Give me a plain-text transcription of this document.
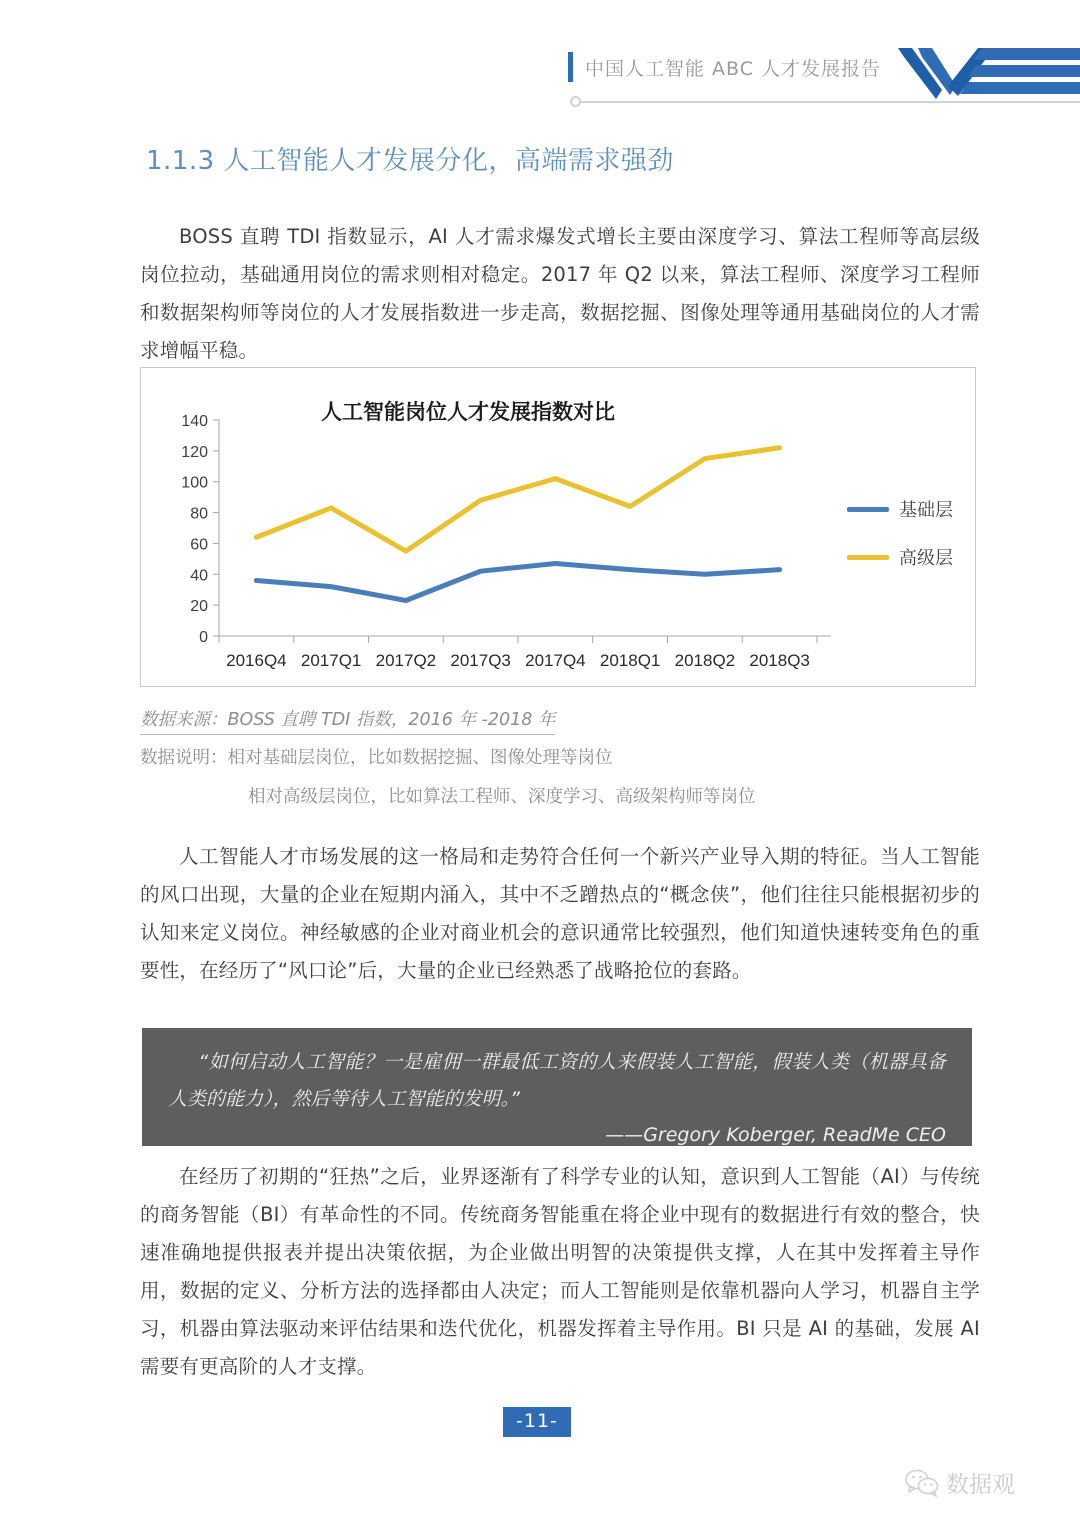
中国人工智能 ABC 人才发展报告
1.1.3 人工智能人才发展分化，高端需求强劲
BOSS 直聘 TDI 指数显示，AI 人才需求爆发式增长主要由深度学习、算法工程师等高层级岗位拉动，基础通用岗位的需求则相对稳定。2017 年 Q2 以来，算法工程师、深度学习工程师和数据架构师等岗位的人才发展指数进一步走高，数据挖掘、图像处理等通用基础岗位的人才需求增幅平稳。
人工智能岗位人才发展指数对比
0
20
40
60
80
100
120
140
2016Q4 2017Q1 2017Q2 2017Q3 2017Q4 2018Q1 2018Q2 2018Q3
基础层
高级层
数据来源：BOSS 直聘 TDI 指数，2016 年 -2018 年
数据说明：相对基础层岗位，比如数据挖掘、图像处理等岗位
相对高级层岗位，比如算法工程师、深度学习、高级架构师等岗位
人工智能人才市场发展的这一格局和走势符合任何一个新兴产业导入期的特征。当人工智能的风口出现，大量的企业在短期内涌入，其中不乏蹭热点的“概念侠”，他们往往只能根据初步的认知来定义岗位。神经敏感的企业对商业机会的意识通常比较强烈，他们知道快速转变角色的重要性，在经历了“风口论”后，大量的企业已经熟悉了战略抢位的套路。
“如何启动人工智能？一是雇佣一群最低工资的人来假装人工智能，假装人类（机器具备人类的能力），然后等待人工智能的发明。”
——Gregory Koberger, ReadMe CEO
在经历了初期的“狂热”之后，业界逐渐有了科学专业的认知，意识到人工智能（AI）与传统的商务智能（BI）有革命性的不同。传统商务智能重在将企业中现有的数据进行有效的整合，快速准确地提供报表并提出决策依据，为企业做出明智的决策提供支撑，人在其中发挥着主导作用，数据的定义、分析方法的选择都由人决定；而人工智能则是依靠机器向人学习，机器自主学习，机器由算法驱动来评估结果和迭代优化，机器发挥着主导作用。BI 只是 AI 的基础，发展 AI 需要有更高阶的人才支撑。
-11-
数据观
